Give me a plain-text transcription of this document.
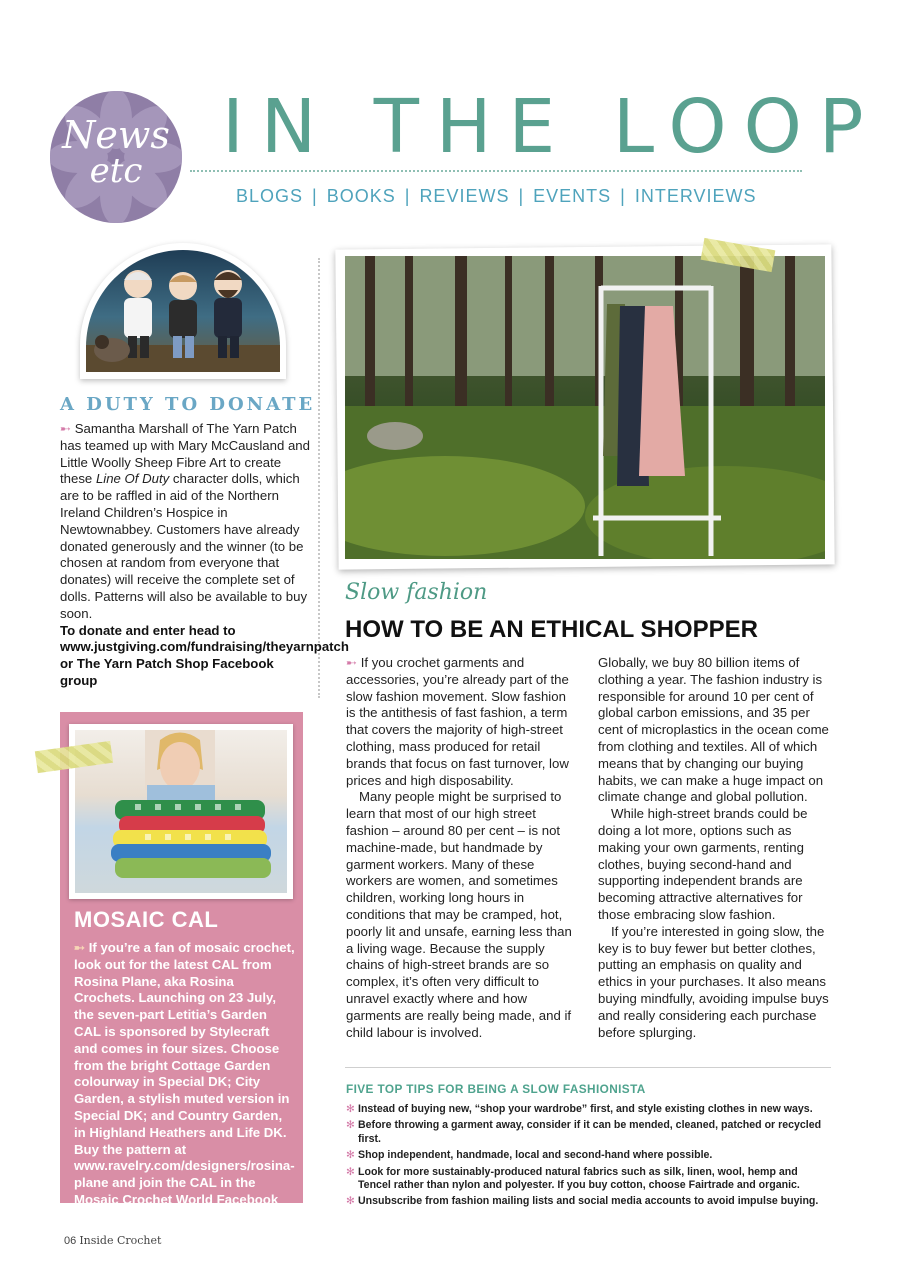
News
etc
IN THE LOOP
BLOGS | BOOKS | REVIEWS | EVENTS | INTERVIEWS
A DUTY TO DONATE
➸ Samantha Marshall of The Yarn Patch has teamed up with Mary McCausland and Little Woolly Sheep Fibre Art to create these Line Of Duty character dolls, which are to be raffled in aid of the Northern Ireland Children’s Hospice in Newtownabbey. Customers have already donated generously and the winner (to be chosen at random from everyone that donates) will receive the complete set of dolls. Patterns will also be available to buy soon.
To donate and enter head to www.justgiving.com/fundraising/theyarnpatch or The Yarn Patch Shop Facebook group
MOSAIC CAL
➸ If you’re a fan of mosaic crochet, look out for the latest CAL from Rosina Plane, aka Rosina Crochets. Launching on 23 July, the seven-part Letitia’s Garden CAL is sponsored by Stylecraft and comes in four sizes. Choose from the bright Cottage Garden colourway in Special DK; City Garden, a stylish muted version in Special DK; and Country Garden, in Highland Heathers and Life DK. Buy the pattern at www.ravelry.com/designers/rosina-plane and join the CAL in the Mosaic Crochet World Facebook group.
Slow fashion
HOW TO BE AN ETHICAL SHOPPER

➸ If you crochet garments and accessories, you’re already part of the slow fashion movement. Slow fashion is the antithesis of fast fashion, a term that covers the majority of high-street clothing, mass produced for retail brands that focus on fast turnover, low prices and high disposability.

Many people might be surprised to learn that most of our high street fashion – around 80 per cent – is not machine-made, but handmade by garment workers. Many of these workers are women, and sometimes children, working long hours in conditions that may be cramped, hot, poorly lit and unsafe, earning less than a living wage. Because the supply chains of high-street brands are so complex, it’s often very difficult to unravel exactly where and how garments are really being made, and if child labour is involved.

Globally, we buy 80 billion items of clothing a year. The fashion industry is responsible for around 10 per cent of global carbon emissions, and 35 per cent of microplastics in the ocean come from clothing and textiles. All of which means that by changing our buying habits, we can make a huge impact on climate change and global pollution.

While high-street brands could be doing a lot more, options such as making your own garments, renting clothes, buying second-hand and supporting independent brands are becoming attractive alternatives for those embracing slow fashion.

If you’re interested in going slow, the key is to buy fewer but better clothes, putting an emphasis on quality and ethics in your purchases. It also means buying mindfully, avoiding impulse buys and really considering each purchase before splurging.

FIVE TOP TIPS FOR BEING A SLOW FASHIONISTA
✻ Instead of buying new, “shop your wardrobe” first, and style existing clothes in new ways.
✻ Before throwing a garment away, consider if it can be mended, cleaned, patched or recycled first.
✻ Shop independent, handmade, local and second-hand where possible.
✻ Look for more sustainably-produced natural fabrics such as silk, linen, wool, hemp and Tencel rather than nylon and polyester. If you buy cotton, choose Fairtrade and organic.
✻ Unsubscribe from fashion mailing lists and social media accounts to avoid impulse buying.
06 Inside Crochet
